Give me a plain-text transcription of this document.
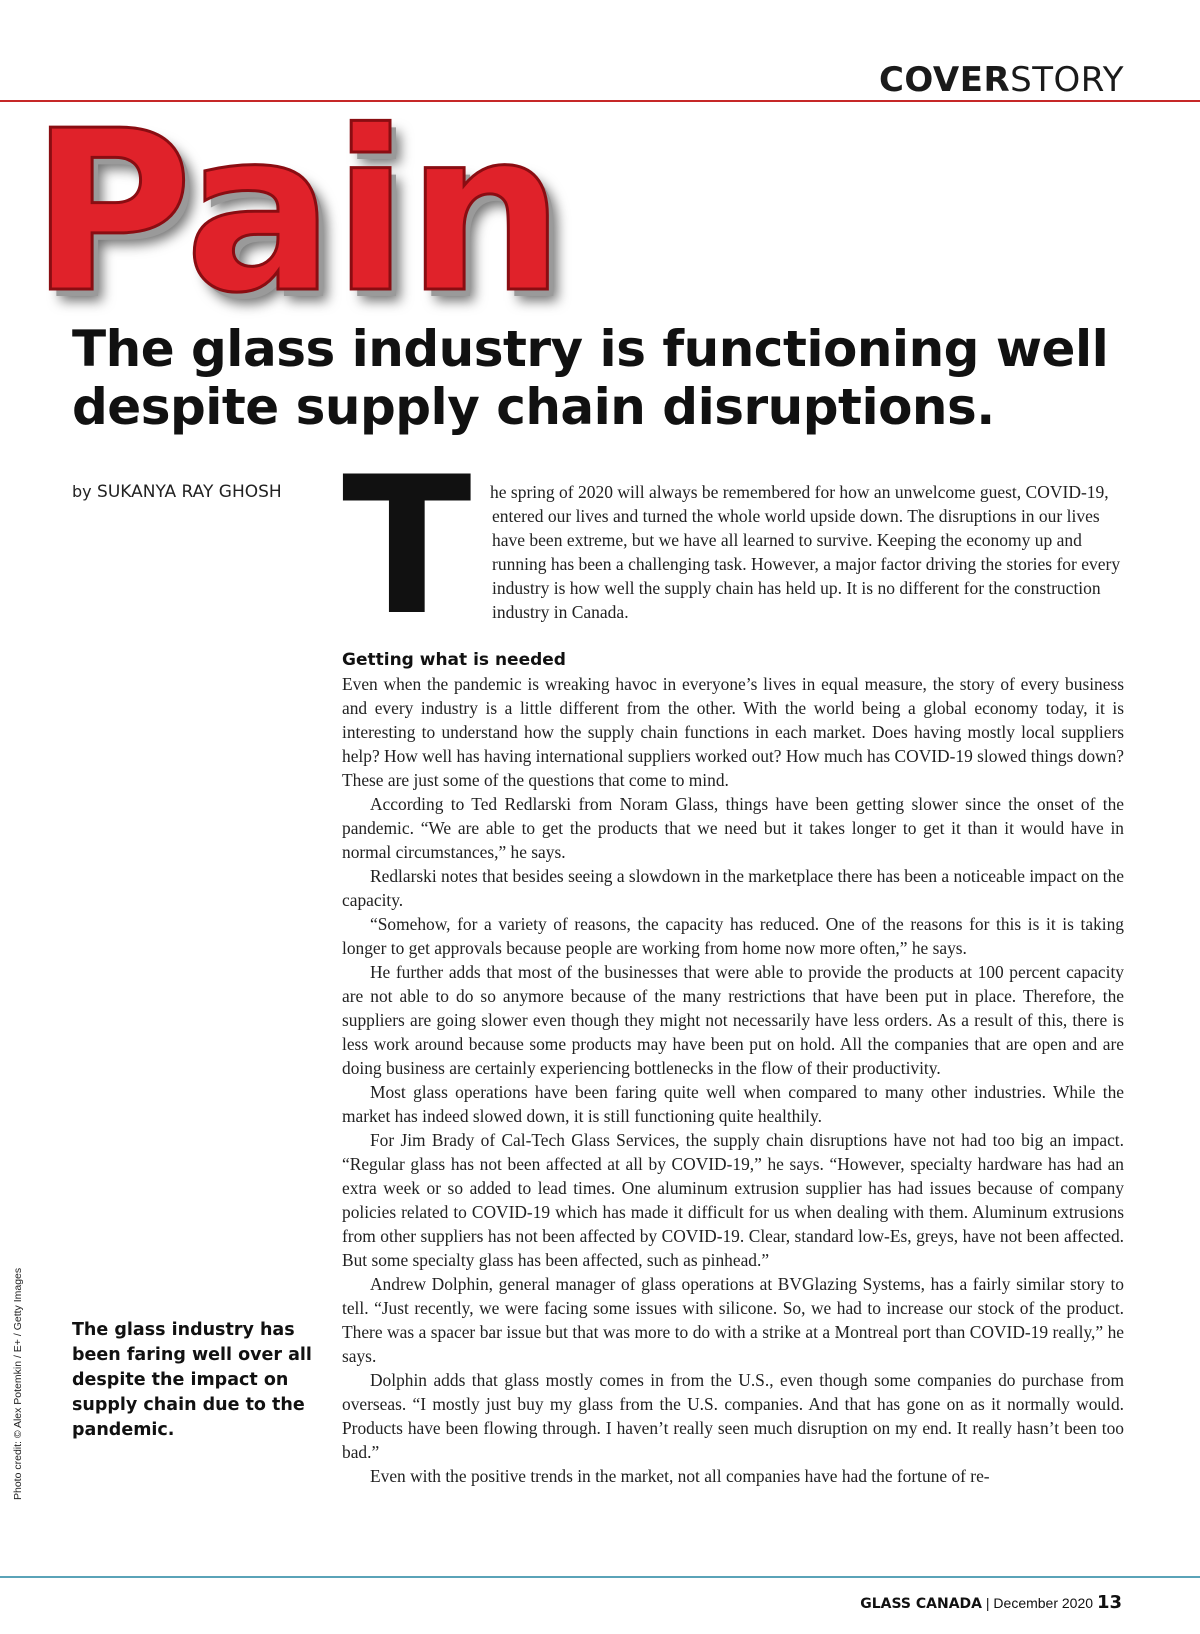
COVERSTORY
Pain
The glass industry is functioning well despite supply chain disruptions.
by SUKANYA RAY GHOSH T he spring of 2020 will always be remembered for how an unwelcome guest, COVID-19, entered our lives and turned the whole world upside down. The disruptions in our lives have been extreme, but we have all learned to survive. Keeping the economy up and running has been a challenging task. However, a major factor driving the stories for every industry is how well the supply chain has held up. It is no different for the construction industry in Canada.

Getting what is needed

Even when the pandemic is wreaking havoc in everyone’s lives in equal measure, the story of every business and every industry is a little different from the other. With the world being a global economy today, it is interesting to understand how the supply chain functions in each market. Does having mostly local suppliers help? How well has having international suppliers worked out? How much has COVID-19 slowed things down? These are just some of the questions that come to mind.

According to Ted Redlarski from Noram Glass, things have been getting slower since the onset of the pandemic. “We are able to get the products that we need but it takes longer to get it than it would have in normal circumstances,” he says.

Redlarski notes that besides seeing a slowdown in the marketplace there has been a noticeable impact on the capacity.

“Somehow, for a variety of reasons, the capacity has reduced. One of the reasons for this is it is taking longer to get approvals because people are working from home now more often,” he says.

He further adds that most of the businesses that were able to provide the products at 100 percent capacity are not able to do so anymore because of the many restrictions that have been put in place. Therefore, the suppliers are going slower even though they might not necessarily have less orders. As a result of this, there is less work around because some products may have been put on hold. All the companies that are open and are doing business are certainly experiencing bottlenecks in the flow of their productivity.

Most glass operations have been faring quite well when compared to many other industries. While the market has indeed slowed down, it is still functioning quite healthily.

For Jim Brady of Cal-Tech Glass Services, the supply chain disruptions have not had too big an impact. “Regular glass has not been affected at all by COVID-19,” he says. “However, specialty hardware has had an extra week or so added to lead times. One aluminum extrusion supplier has had issues because of company policies related to COVID-19 which has made it difficult for us when dealing with them. Aluminum extrusions from other suppliers has not been affected by COVID-19. Clear, standard low-Es, greys, have not been affected. But some specialty glass has been affected, such as pinhead.”

Andrew Dolphin, general manager of glass operations at BVGlazing Systems, has a fairly similar story to tell. “Just recently, we were facing some issues with silicone. So, we had to increase our stock of the product. There was a spacer bar issue but that was more to do with a strike at a Montreal port than COVID-19 really,” he says.

Dolphin adds that glass mostly comes in from the U.S., even though some companies do purchase from overseas. “I mostly just buy my glass from the U.S. companies. And that has gone on as it normally would. Products have been flowing through. I haven’t really seen much disruption on my end. It really hasn’t been too bad.”

Even with the positive trends in the market, not all companies have had the fortune of re-

The glass industry has been faring well over all despite the impact on supply chain due to the pandemic.

Photo credit: © Alex Potemkin / E+ / Getty Images
GLASS CANADA | December 2020 13
